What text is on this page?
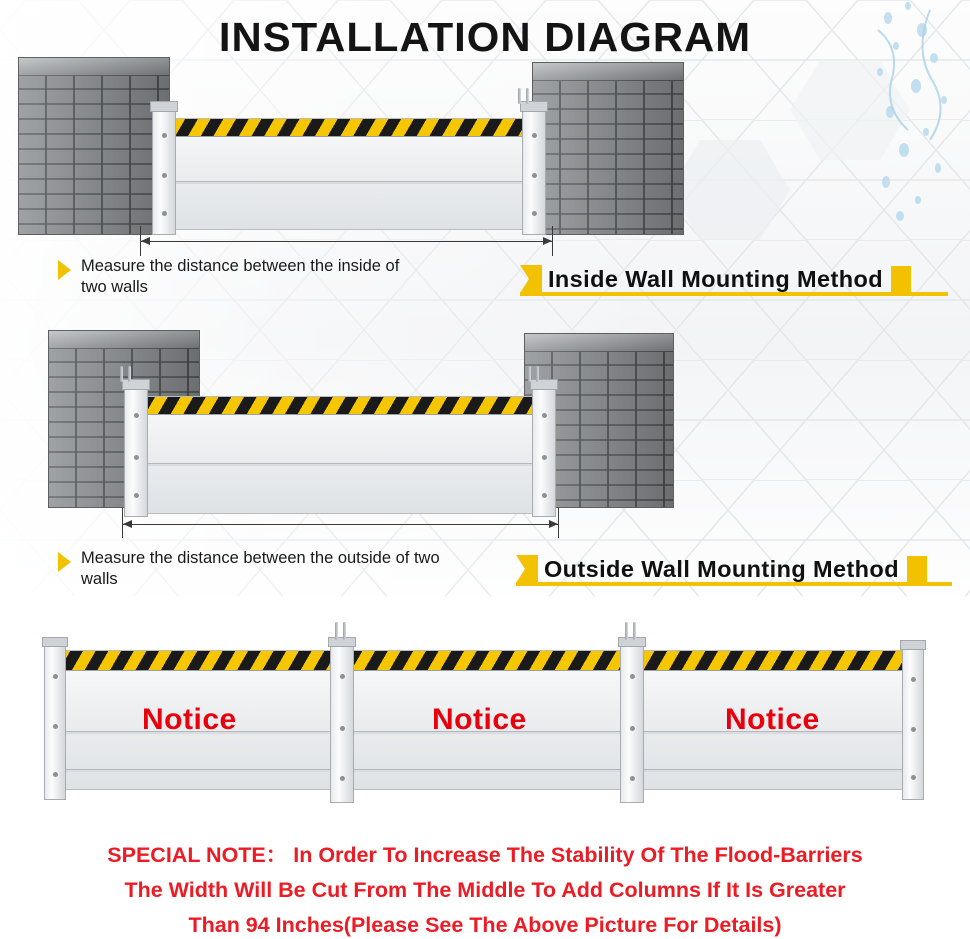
INSTALLATION DIAGRAM
Measure the distance between the inside of two walls	Inside Wall Mounting Method
Measure the distance between the outside of two walls	Outside Wall Mounting Method
Notice	Notice	Notice
SPECIAL NOTE： In Order To Increase The Stability Of The Flood-Barriers
The Width Will Be Cut From The Middle To Add Columns If It Is Greater
Than 94 Inches(Please See The Above Picture For Details)
